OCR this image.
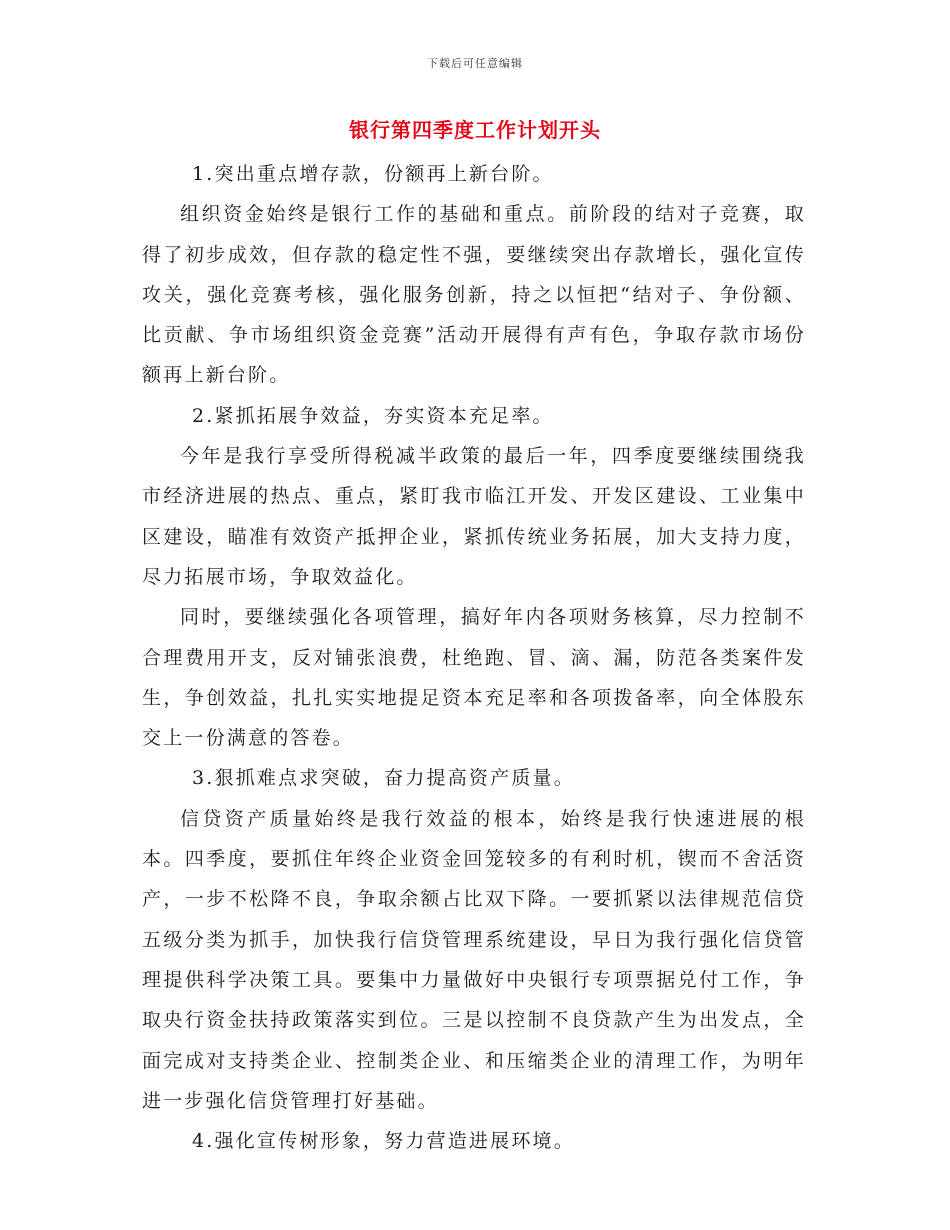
下载后可任意编辑
银行第四季度工作计划开头

1.突出重点增存款，份额再上新台阶。

组织资金始终是银行工作的基础和重点。前阶段的结对子竞赛，取得了初步成效，但存款的稳定性不强，要继续突出存款增长，强化宣传攻关，强化竞赛考核，强化服务创新，持之以恒把“结对子、争份额、比贡献、争市场组织资金竞赛”活动开展得有声有色，争取存款市场份额再上新台阶。

2.紧抓拓展争效益，夯实资本充足率。

今年是我行享受所得税减半政策的最后一年，四季度要继续围绕我市经济进展的热点、重点，紧盯我市临江开发、开发区建设、工业集中区建设，瞄准有效资产抵押企业，紧抓传统业务拓展，加大支持力度，尽力拓展市场，争取效益化。

同时，要继续强化各项管理，搞好年内各项财务核算，尽力控制不合理费用开支，反对铺张浪费，杜绝跑、冒、滴、漏，防范各类案件发生，争创效益，扎扎实实地提足资本充足率和各项拨备率，向全体股东交上一份满意的答卷。

3.狠抓难点求突破，奋力提高资产质量。

信贷资产质量始终是我行效益的根本，始终是我行快速进展的根本。四季度，要抓住年终企业资金回笼较多的有利时机，锲而不舍活资产，一步不松降不良，争取余额占比双下降。一要抓紧以法律规范信贷五级分类为抓手，加快我行信贷管理系统建设，早日为我行强化信贷管理提供科学决策工具。要集中力量做好中央银行专项票据兑付工作，争取央行资金扶持政策落实到位。三是以控制不良贷款产生为出发点，全面完成对支持类企业、控制类企业、和压缩类企业的清理工作，为明年进一步强化信贷管理打好基础。

4.强化宣传树形象，努力营造进展环境。
